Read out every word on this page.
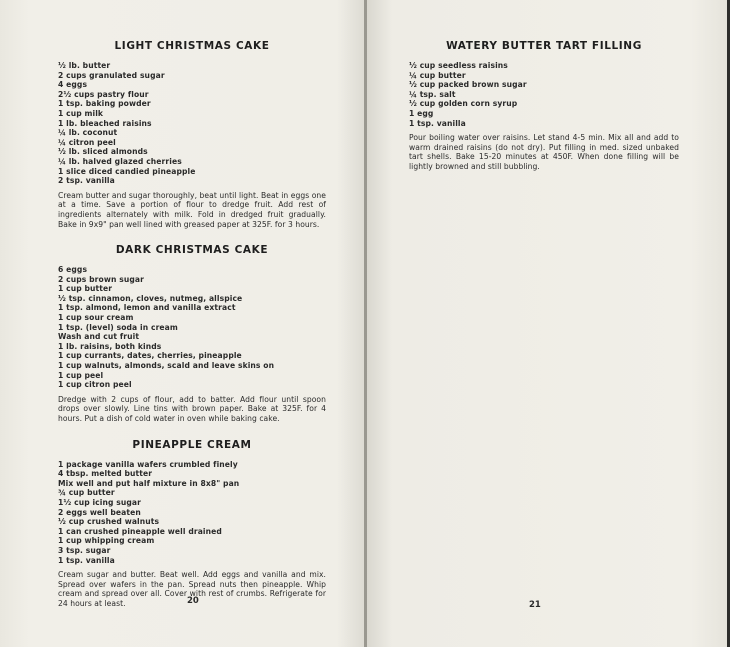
LIGHT CHRISTMAS CAKE
½ lb. butter
2 cups granulated sugar
4 eggs
2½ cups pastry flour
1 tsp. baking powder
1 cup milk
1 lb. bleached raisins
¼ lb. coconut
¼ citron peel
½ lb. sliced almonds
¼ lb. halved glazed cherries
1 slice diced candied pineapple
2 tsp. vanilla

Cream butter and sugar thoroughly, beat until light. Beat in eggs one at a time. Save a portion of flour to dredge fruit. Add rest of ingredients alternately with milk. Fold in dredged fruit gradually. Bake in 9x9" pan well lined with greased paper at 325F. for 3 hours.

DARK CHRISTMAS CAKE
6 eggs
2 cups brown sugar
1 cup butter
½ tsp. cinnamon, cloves, nutmeg, allspice
1 tsp. almond, lemon and vanilla extract
1 cup sour cream
1 tsp. (level) soda in cream
Wash and cut fruit
1 lb. raisins, both kinds
1 cup currants, dates, cherries, pineapple
1 cup walnuts, almonds, scald and leave skins on
1 cup peel
1 cup citron peel

Dredge with 2 cups of flour, add to batter. Add flour until spoon drops over slowly. Line tins with brown paper. Bake at 325F. for 4 hours. Put a dish of cold water in oven while baking cake.

PINEAPPLE CREAM
1 package vanilla wafers crumbled finely
4 tbsp. melted butter
Mix well and put half mixture in 8x8" pan
¾ cup butter
1½ cup icing sugar
2 eggs well beaten
½ cup crushed walnuts
1 can crushed pineapple well drained
1 cup whipping cream
3 tsp. sugar
1 tsp. vanilla

Cream sugar and butter. Beat well. Add eggs and vanilla and mix. Spread over wafers in the pan. Spread nuts then pineapple. Whip cream and spread over all. Cover with rest of crumbs. Refrigerate for 24 hours at least.	20
WATERY BUTTER TART FILLING
½ cup seedless raisins
¼ cup butter
½ cup packed brown sugar
¼ tsp. salt
½ cup golden corn syrup
1 egg
1 tsp. vanilla

Pour boiling water over raisins. Let stand 4-5 min. Mix all and add to warm drained raisins (do not dry). Put filling in med. sized unbaked tart shells. Bake 15-20 minutes at 450F. When done filling will be lightly browned and still bubbling.

21
